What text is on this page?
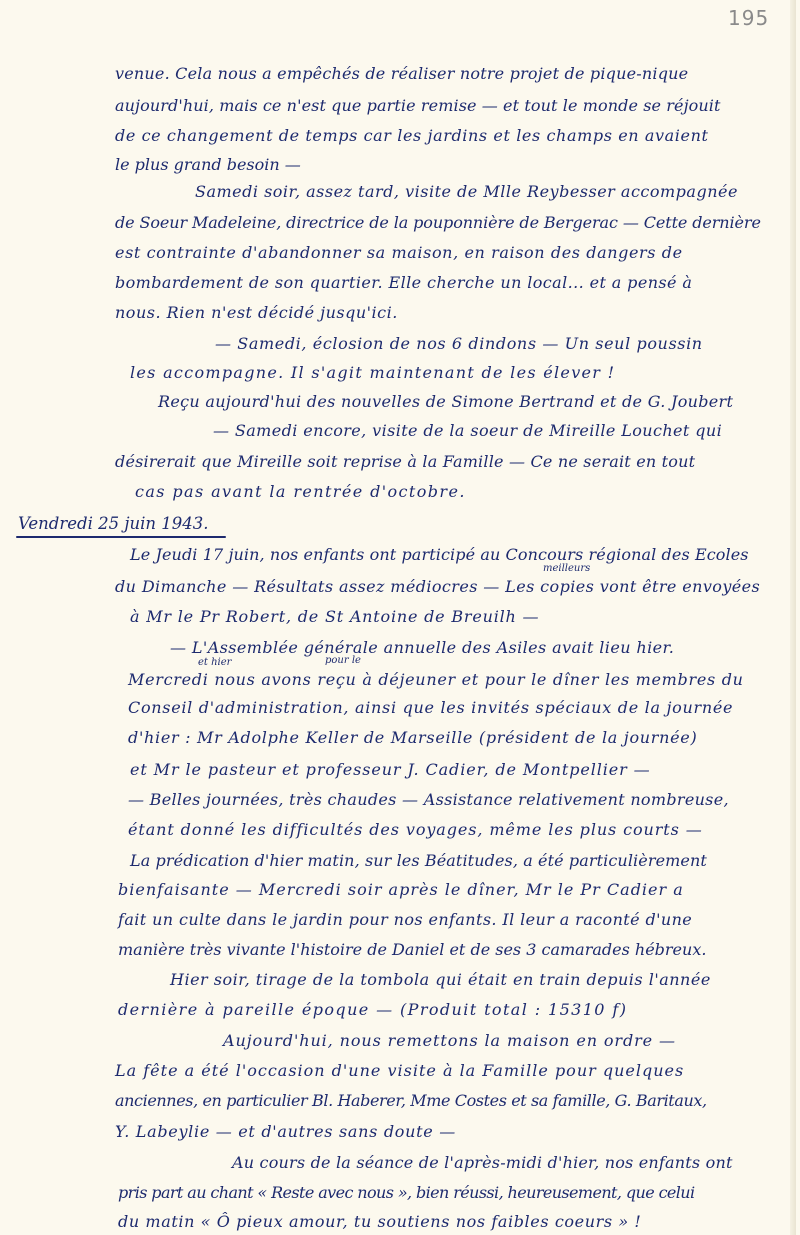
195
venue. Cela nous a empêchés de réaliser notre projet de pique-nique
aujourd'hui, mais ce n'est que partie remise — et tout le monde se réjouit
de ce changement de temps car les jardins et les champs en avaient
le plus grand besoin —
Samedi soir, assez tard, visite de Mlle Reybesser accompagnée
de Soeur Madeleine, directrice de la pouponnière de Bergerac — Cette dernière
est contrainte d'abandonner sa maison, en raison des dangers de
bombardement de son quartier. Elle cherche un local... et a pensé à
nous. Rien n'est décidé jusqu'ici.
— Samedi, éclosion de nos 6 dindons — Un seul poussin
les accompagne. Il s'agit maintenant de les élever !
Reçu aujourd'hui des nouvelles de Simone Bertrand et de G. Joubert
— Samedi encore, visite de la soeur de Mireille Louchet qui
désirerait que Mireille soit reprise à la Famille — Ce ne serait en tout
cas pas avant la rentrée d'octobre.
Vendredi 25 juin 1943.
Le Jeudi 17 juin, nos enfants ont participé au Concours régional des Ecoles
meilleurs
du Dimanche — Résultats assez médiocres — Les copies vont être envoyées
à Mr le Pr Robert, de St Antoine de Breuilh —
— L'Assemblée générale annuelle des Asiles avait lieu hier.
et hier	pour le
Mercredi nous avons reçu à déjeuner et pour le dîner les membres du
Conseil d'administration, ainsi que les invités spéciaux de la journée
d'hier : Mr Adolphe Keller de Marseille (président de la journée)
et Mr le pasteur et professeur J. Cadier, de Montpellier —
— Belles journées, très chaudes — Assistance relativement nombreuse,
étant donné les difficultés des voyages, même les plus courts —
La prédication d'hier matin, sur les Béatitudes, a été particulièrement
bienfaisante — Mercredi soir après le dîner, Mr le Pr Cadier a
fait un culte dans le jardin pour nos enfants. Il leur a raconté d'une
manière très vivante l'histoire de Daniel et de ses 3 camarades hébreux.
Hier soir, tirage de la tombola qui était en train depuis l'année
dernière à pareille époque — (Produit total : 15310 f)
Aujourd'hui, nous remettons la maison en ordre —
La fête a été l'occasion d'une visite à la Famille pour quelques
anciennes, en particulier Bl. Haberer, Mme Costes et sa famille, G. Baritaux,
Y. Labeylie — et d'autres sans doute —
Au cours de la séance de l'après-midi d'hier, nos enfants ont
pris part au chant « Reste avec nous », bien réussi, heureusement, que celui
du matin « Ô pieux amour, tu soutiens nos faibles coeurs » !
